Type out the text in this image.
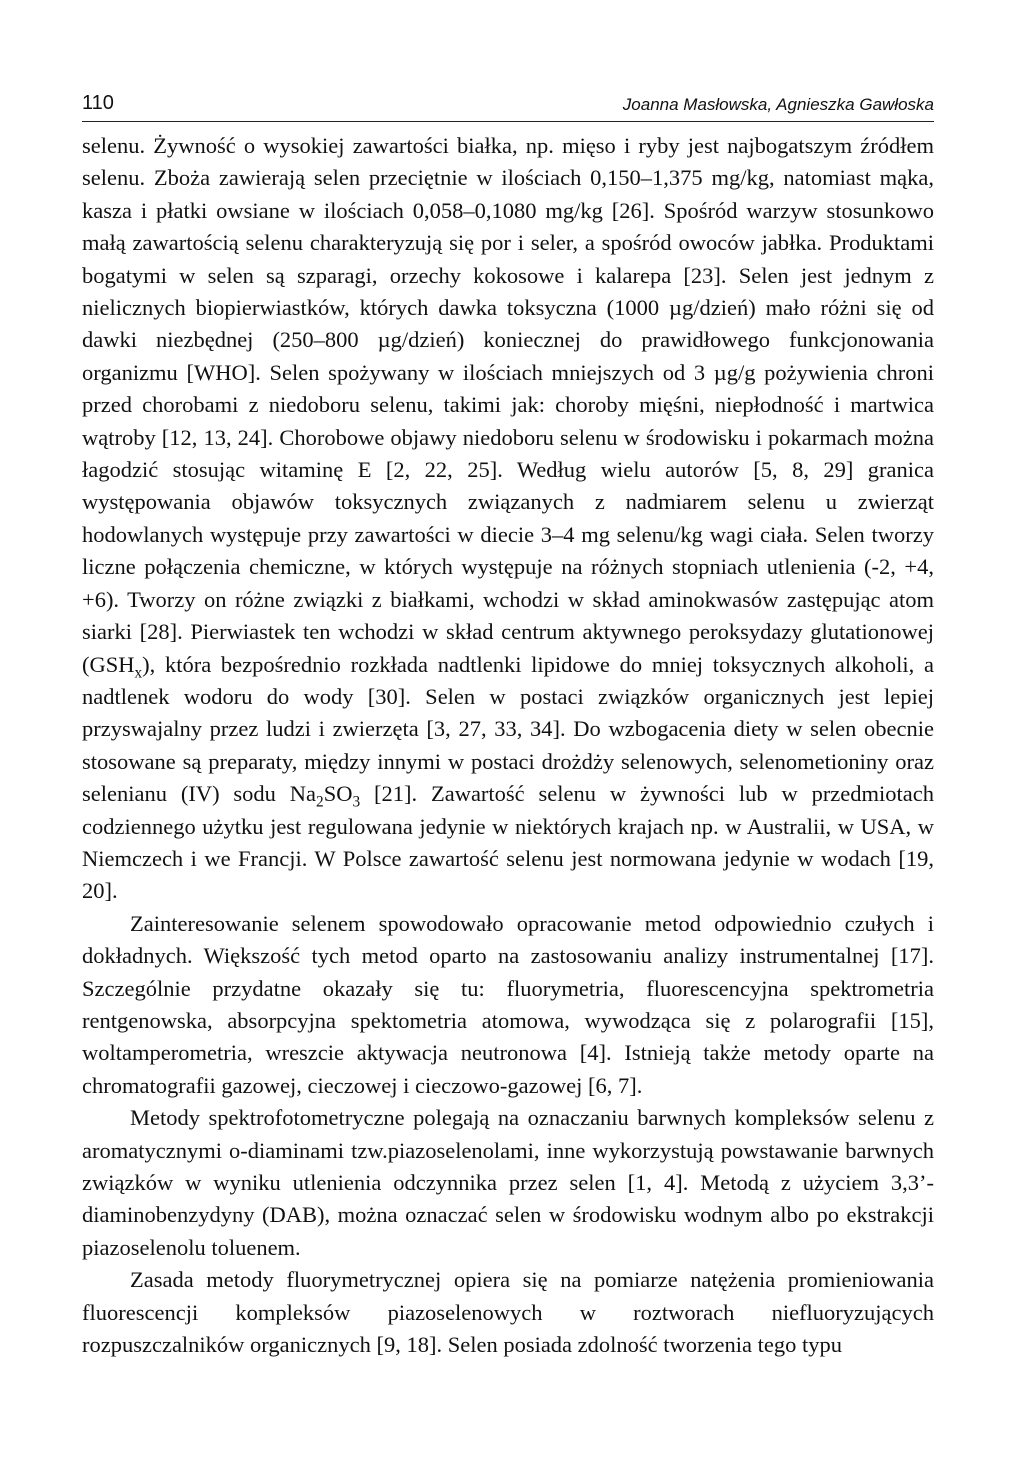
110	Joanna Masłowska, Agnieszka Gawłoska

selenu. Żywność o wysokiej zawartości białka, np. mięso i ryby jest najbogatszym źródłem selenu. Zboża zawierają selen przeciętnie w ilościach 0,150–1,375 mg/kg, natomiast mąka, kasza i płatki owsiane w ilościach 0,058–0,1080 mg/kg [26]. Spośród warzyw stosunkowo małą zawartością selenu charakteryzują się por i seler, a spośród owoców jabłka. Produktami bogatymi w selen są szparagi, orzechy kokosowe i kalarepa [23]. Selen jest jednym z nielicznych biopierwiastków, których dawka toksyczna (1000 µg/dzień) mało różni się od dawki niezbędnej (250–800 µg/dzień) koniecznej do prawidłowego funkcjonowania organizmu [WHO]. Selen spożywany w ilościach mniejszych od 3 µg/g pożywienia chroni przed chorobami z niedoboru selenu, takimi jak: choroby mięśni, niepłodność i martwica wątroby [12, 13, 24]. Chorobowe objawy niedoboru selenu w środowisku i pokarmach można łagodzić stosując witaminę E [2, 22, 25]. Według wielu autorów [5, 8, 29] granica występowania objawów toksycznych związanych z nadmiarem selenu u zwierząt hodowlanych występuje przy zawartości w diecie 3–4 mg selenu/kg wagi ciała. Selen tworzy liczne połączenia chemiczne, w których występuje na różnych stopniach utlenienia (-2, +4, +6). Tworzy on różne związki z białkami, wchodzi w skład aminokwasów zastępując atom siarki [28]. Pierwiastek ten wchodzi w skład centrum aktywnego peroksydazy glutationowej $(GSH_x)$, która bezpośrednio rozkłada nadtlenki lipidowe do mniej toksycznych alkoholi, a nadtlenek wodoru do wody [30]. Selen w postaci związków organicznych jest lepiej przyswajalny przez ludzi i zwierzęta [3, 27, 33, 34]. Do wzbogacenia diety w selen obecnie stosowane są preparaty, między innymi w postaci drożdży selenowych, selenometioniny oraz selenianu (IV) sodu $Na_2SO_3$ [21]. Zawartość selenu w żywności lub w przedmiotach codziennego użytku jest regulowana jedynie w niektórych krajach np. w Australii, w USA, w Niemczech i we Francji. W Polsce zawartość selenu jest normowana jedynie w wodach [19, 20].

Zainteresowanie selenem spowodowało opracowanie metod odpowiednio czułych i dokładnych. Większość tych metod oparto na zastosowaniu analizy instrumentalnej [17]. Szczególnie przydatne okazały się tu: fluorymetria, fluorescencyjna spektrometria rentgenowska, absorpcyjna spektometria atomowa, wywodząca się z polarografii [15], woltamperometria, wreszcie aktywacja neutronowa [4]. Istnieją także metody oparte na chromatografii gazowej, cieczowej i cieczowo-gazowej [6, 7].

Metody spektrofotometryczne polegają na oznaczaniu barwnych kompleksów selenu z aromatycznymi o-diaminami tzw.piazoselenolami, inne wykorzystują powstawanie barwnych związków w wyniku utlenienia odczynnika przez selen [1, 4]. Metodą z użyciem 3,3’-diaminobenzydyny (DAB), można oznaczać selen w środowisku wodnym albo po ekstrakcji piazoselenolu toluenem.

Zasada metody fluorymetrycznej opiera się na pomiarze natężenia promieniowania fluorescencji kompleksów piazoselenowych w roztworach niefluoryzujących rozpuszczalników organicznych [9, 18]. Selen posiada zdolność tworzenia tego typu
